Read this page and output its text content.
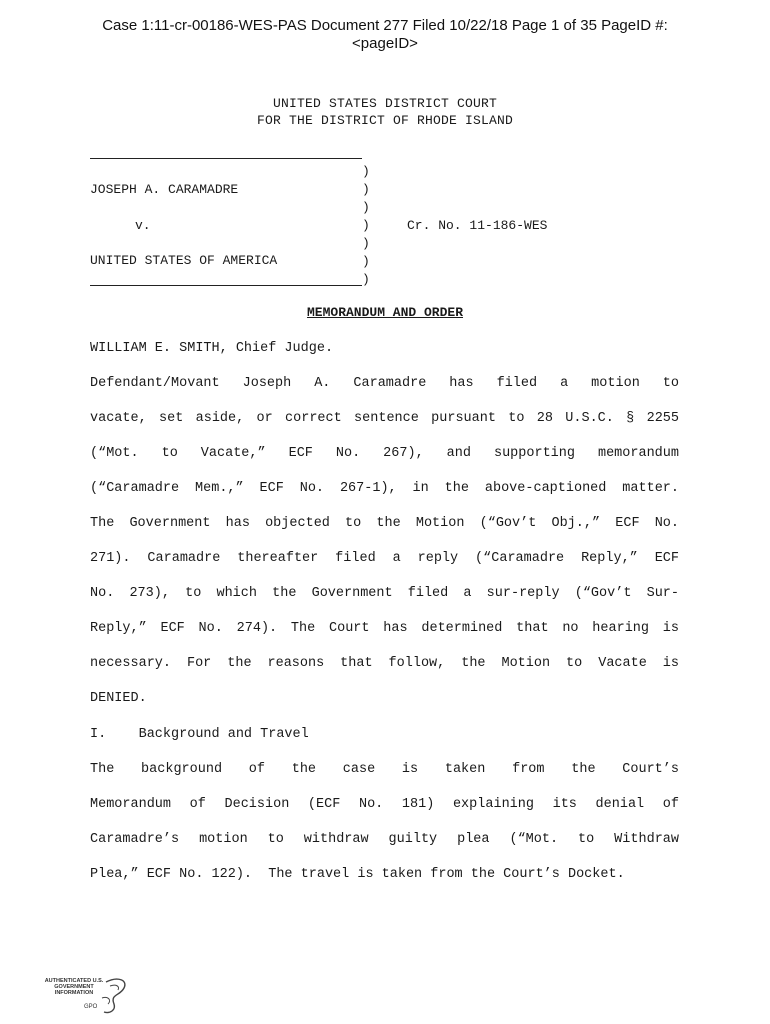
Case 1:11-cr-00186-WES-PAS Document 277 Filed 10/22/18 Page 1 of 35 PageID #:
<pageID>
UNITED STATES DISTRICT COURT
FOR THE DISTRICT OF RHODE ISLAND
)
)
)
)
)
)
)
JOSEPH A. CARAMADRE
v.
UNITED STATES OF AMERICA
Cr. No. 11-186-WES
MEMORANDUM AND ORDER
WILLIAM E. SMITH, Chief Judge.
Defendant/Movant Joseph A. Caramadre has filed a motion to
vacate, set aside, or correct sentence pursuant to 28 U.S.C. § 2255
(“Mot. to Vacate,” ECF No. 267), and supporting memorandum
(“Caramadre Mem.,” ECF No. 267-1), in the above-captioned matter.
The Government has objected to the Motion (“Gov’t Obj.,” ECF No.
271). Caramadre thereafter filed a reply (“Caramadre Reply,” ECF
No. 273), to which the Government filed a sur-reply (“Gov’t Sur-
Reply,” ECF No. 274). The Court has determined that no hearing is
necessary. For the reasons that follow, the Motion to Vacate is
DENIED.
I.    Background and Travel
The background of the case is taken from the Court’s
Memorandum of Decision (ECF No. 181) explaining its denial of
Caramadre’s motion to withdraw guilty plea (“Mot. to Withdraw
Plea,” ECF No. 122).  The travel is taken from the Court’s Docket.
AUTHENTICATED U.S. GOVERNMENT INFORMATION
GPO
